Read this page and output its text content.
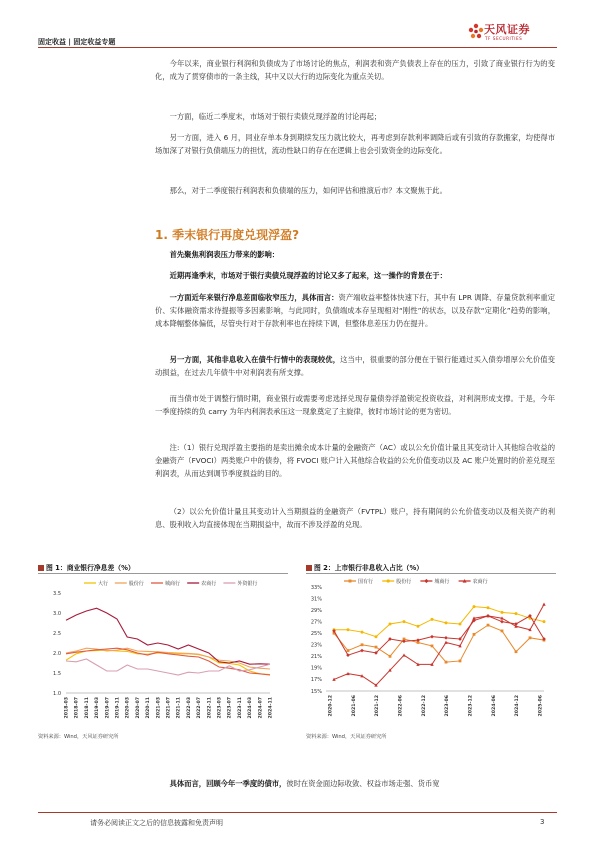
固定收益 | 固定收益专题
天风证券
TF SECURITIES

今年以来，商业银行利润和负债成为了市场讨论的焦点，利润表和资产负债表上存在的压力，引致了商业银行行为的变化，成为了贯穿债市的一条主线，其中又以大行的边际变化为重点关切。

一方面，临近二季度末，市场对于银行卖债兑现浮盈的讨论再起；

另一方面，进入 6 月，同业存单本身到期续发压力就比较大，再考虑到存款利率调降后或有引致的存款搬家，均使得市场加深了对银行负债端压力的担忧，流动性缺口的存在在逻辑上也会引致资金的边际变化。

那么，对于二季度银行利润表和负债端的压力，如何评估和推演后市？本文聚焦于此。

1. 季末银行再度兑现浮盈?

首先聚焦利润表压力带来的影响：

近期再逢季末，市场对于银行卖债兑现浮盈的讨论又多了起来，这一操作的背景在于：

一方面近年来银行净息差面临收窄压力，具体而言：资产端收益率整体快速下行，其中有 LPR 调降、存量贷款利率重定价、实体融资需求待提振等多因素影响，与此同时，负债端成本存呈现相对“刚性”的状态，以及存款“定期化”趋势的影响，成本降幅整体偏低，尽管央行对于存款利率也在持续下调，但整体息差压力仍在提升。

另一方面，其他非息收入在债牛行情中的表现较优，这当中，很重要的部分便在于银行能通过买入债券增厚公允价值变动损益，在过去几年债牛中对利润表有所支撑。

而当债市处于调整行情时期，商业银行或需要考虑选择兑现存量债券浮盈锁定投资收益，对利润形成支撑。于是，今年一季度持续的负 carry 为年内利润表承压这一现象奠定了主旋律，彼时市场讨论的更为密切。

注:（1）银行兑现浮盈主要指的是卖出摊余成本计量的金融资产（AC）或以公允价值计量且其变动计入其他综合收益的金融资产（FVOCI）两类账户中的债券，将 FVOCI 账户计入其他综合收益的公允价值变动以及 AC 账户处置时的价差兑现至利润表，从而达到调节季度损益的目的。

（2）以公允价值计量且其变动计入当期损益的金融资产（FVTPL）账户，持有期间的公允价值变动以及相关资产的利息、股利收入均直接体现在当期损益中，故而不涉及浮盈的兑现。

图 1：商业银行净息差（%）
1.0
1.5
2.0
2.5
3.0
3.5
2018-03 2018-07 2018-11 2019-03 2019-07 2019-11 2020-03 2020-07 2020-11 2021-03 2021-07 2021-11 2022-03 2022-07 2022-11 2023-03 2023-07 2023-11 2024-03 2024-07 2024-11
大行	股份行	城商行	农商行	外资银行
资料来源：Wind，天风证券研究所
图 2：上市银行非息收入占比（%）
15%
17%
19%
21%
23%
25%
27%
29%
31%
33%
2020-12	2021-06	2021-12	2022-06	2022-12	2023-06	2023-12	2024-06	2024-12	2025-06
国有行	股份行	城商行	农商行
资料来源：Wind，天风证券研究所

具体而言，回顾今年一季度的债市，彼时在资金面边际收敛、权益市场走强、货币宽

请务必阅读正文之后的信息披露和免责声明	3
